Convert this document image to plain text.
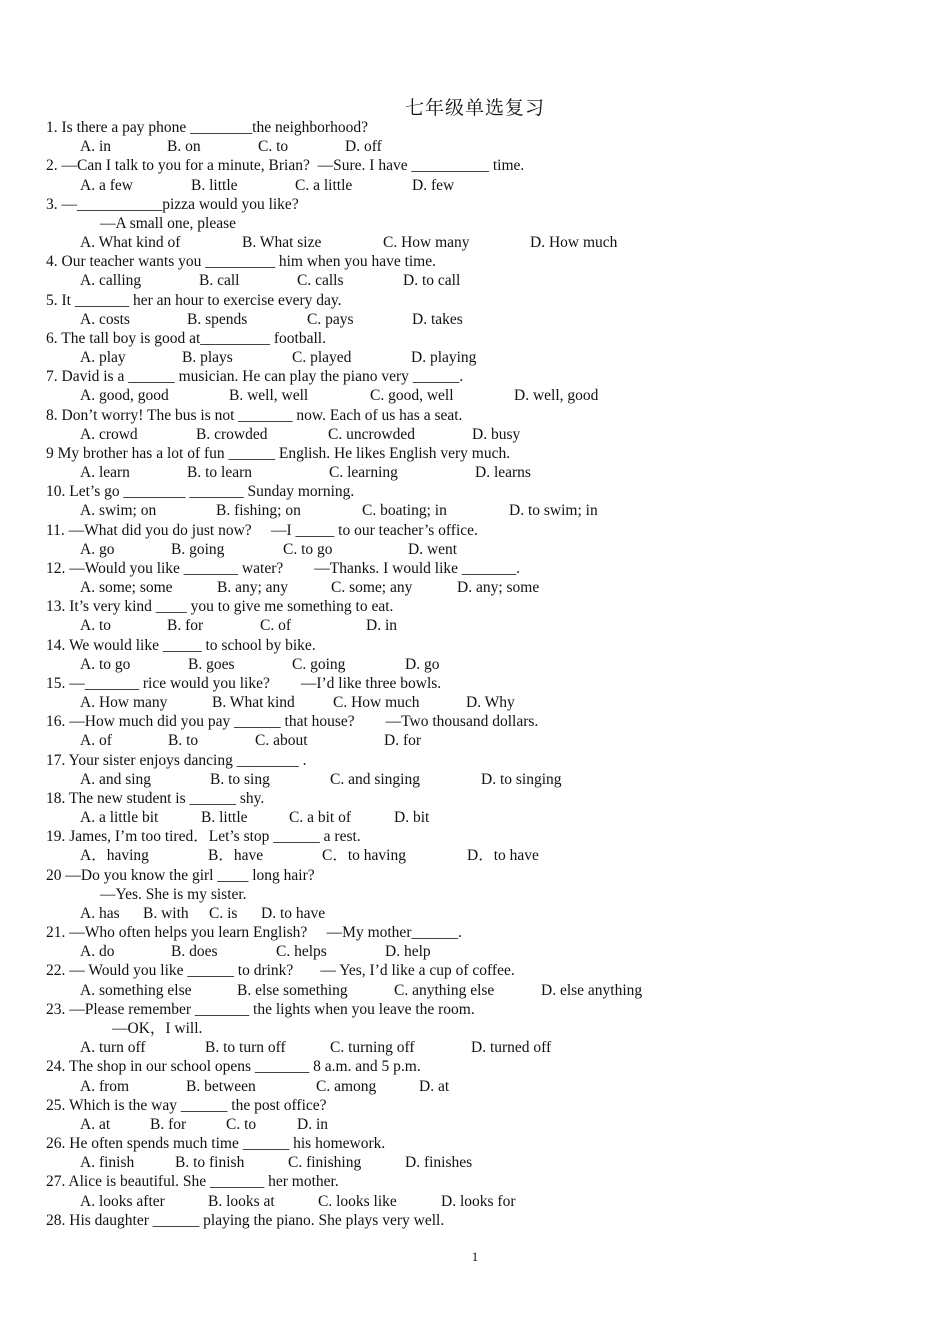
七年级单选复习
1. Is there a pay phone ________the neighborhood?
A. in	B. on	C. to	D. off
2. —Can I talk to you for a minute, Brian?  —Sure. I have __________ time.
A. a few	B. little	C. a little	D. few
3. —___________pizza would you like?
—A small one, please
A. What kind of	B. What size	C. How many	D. How much
4. Our teacher wants you _________ him when you have time.
A. calling	B. call	C. calls	D. to call
5. It _______ her an hour to exercise every day.
A. costs	B. spends	C. pays	D. takes
6. The tall boy is good at_________ football.
A. play	B. plays	C. played	D. playing
7. David is a ______ musician. He can play the piano very ______.
A. good, good	B. well, well	C. good, well	D. well, good
8. Don’t worry! The bus is not _______ now. Each of us has a seat.
A. crowd	B. crowded	C. uncrowded	D. busy
9 My brother has a lot of fun ______ English. He likes English very much.
A. learn	B. to learn	C. learning	D. learns
10. Let’s go ________ _______ Sunday morning.
A. swim; on	B. fishing; on	C. boating; in	D. to swim; in
11. —What did you do just now?     —I _____ to our teacher’s office.
A. go	B. going	C. to go	D. went
12. —Would you like _______ water?        —Thanks. I would like _______.
A. some; some	B. any; any	C. some; any	D. any; some
13. It’s very kind ____ you to give me something to eat.
A. to	B. for	C. of	D. in
14. We would like _____ to school by bike.
A. to go	B. goes	C. going	D. go
15. —_______ rice would you like?        —I’d like three bowls.
A. How many	B. What kind C. How much	D. Why
16. —How much did you pay ______ that house?        —Two thousand dollars.
A. of	B. to	C. about	D. for
17. Your sister enjoys dancing ________ .
A. and sing	B. to sing	C. and singing	D. to singing
18. The new student is ______ shy.
A. a little bit	B. little	C. a bit of	D. bit
19. James, I’m too tired．Let’s stop ______ a rest.
A．having	B．have	C．to having	D．to have
20 —Do you know the girl ____ long hair?
—Yes. She is my sister.
A. has B. with C. is D. to have
21. —Who often helps you learn English?     —My mother______.
A. do	B. does	C. helps	D. help
22. — Would you like ______ to drink?       — Yes, I’d like a cup of coffee.
A. something else	B. else something	C. anything else	D. else anything
23. —Please remember _______ the lights when you leave the room.
—OK，I will.
A. turn off	B. to turn off	C. turning off	D. turned off
24. The shop in our school opens _______ 8 a.m. and 5 p.m.
A. from	B. between	C. among	D. at
25. Which is the way ______ the post office?
A. at	B. for	C. to	D. in
26. He often spends much time ______ his homework.
A. finish	B. to finish	C. finishing	D. finishes
27. Alice is beautiful. She _______ her mother.
A. looks after	B. looks at	C. looks like	D. looks for
28. His daughter ______ playing the piano. She plays very well.
1
